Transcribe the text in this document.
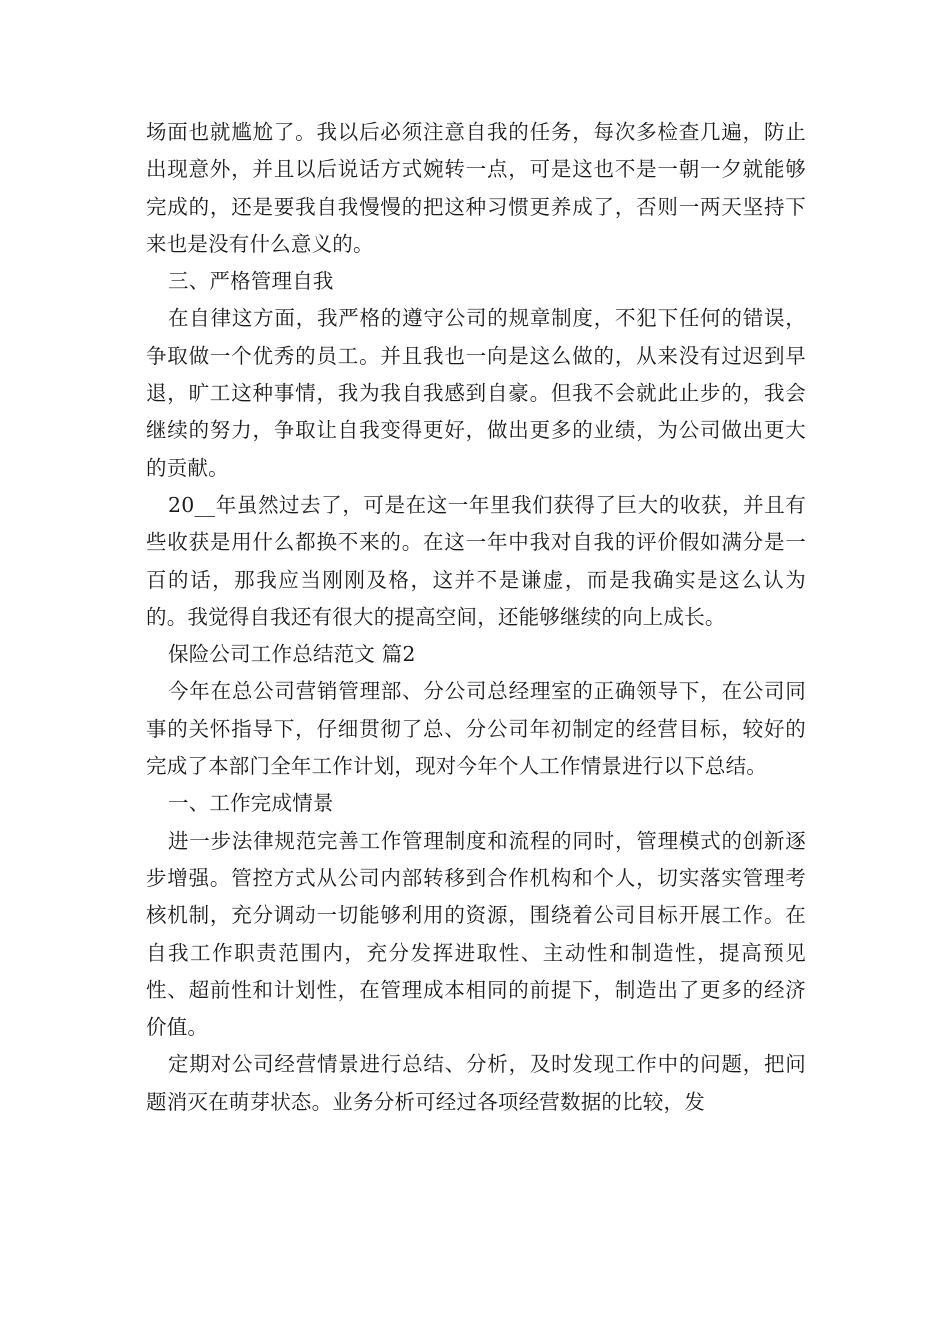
场面也就尴尬了。我以后必须注意自我的任务，每次多检查几遍，防止出现意外，并且以后说话方式婉转一点，可是这也不是一朝一夕就能够完成的，还是要我自我慢慢的把这种习惯更养成了，否则一两天坚持下来也是没有什么意义的。

三、严格管理自我

在自律这方面，我严格的遵守公司的规章制度，不犯下任何的错误，争取做一个优秀的员工。并且我也一向是这么做的，从来没有过迟到早退，旷工这种事情，我为我自我感到自豪。但我不会就此止步的，我会继续的努力，争取让自我变得更好，做出更多的业绩，为公司做出更大的贡献。

20__年虽然过去了，可是在这一年里我们获得了巨大的收获，并且有些收获是用什么都换不来的。在这一年中我对自我的评价假如满分是一百的话，那我应当刚刚及格，这并不是谦虚，而是我确实是这么认为的。我觉得自我还有很大的提高空间，还能够继续的向上成长。

保险公司工作总结范文 篇2

今年在总公司营销管理部、分公司总经理室的正确领导下，在公司同事的关怀指导下，仔细贯彻了总、分公司年初制定的经营目标，较好的完成了本部门全年工作计划，现对今年个人工作情景进行以下总结。

一、工作完成情景

进一步法律规范完善工作管理制度和流程的同时，管理模式的创新逐步增强。管控方式从公司内部转移到合作机构和个人，切实落实管理考核机制，充分调动一切能够利用的资源，围绕着公司目标开展工作。在自我工作职责范围内，充分发挥进取性、主动性和制造性，提高预见性、超前性和计划性，在管理成本相同的前提下，制造出了更多的经济价值。

定期对公司经营情景进行总结、分析，及时发现工作中的问题，把问题消灭在萌芽状态。业务分析可经过各项经营数据的比较，发
